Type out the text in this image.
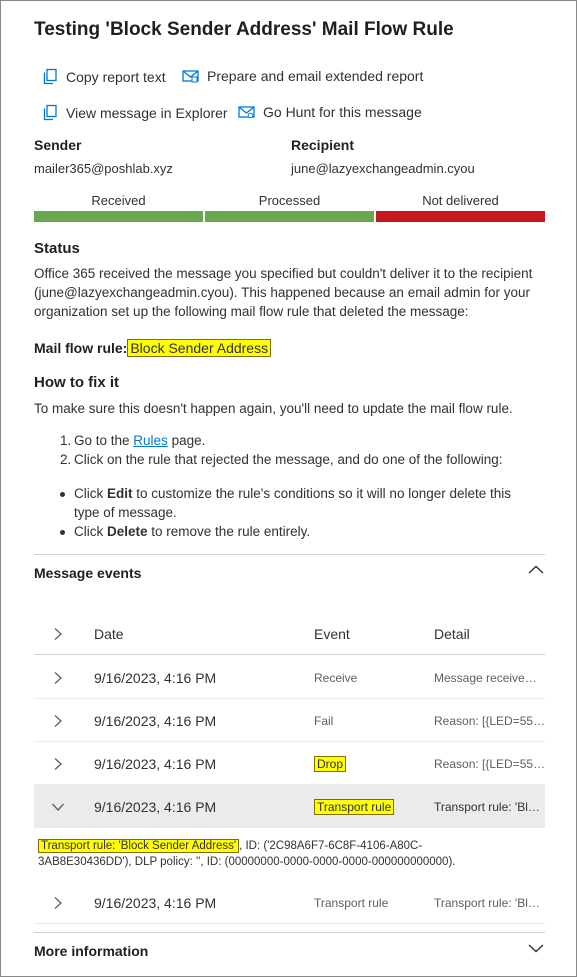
Testing 'Block Sender Address' Mail Flow Rule
Copy report text	Prepare and email extended report
View message in Explorer	Go Hunt for this message
Sender
mailer365@poshlab.xyz
Recipient
june@lazyexchangeadmin.cyou
Received	Processed	Not delivered
Status
Office 365 received the message you specified but couldn't deliver it to the recipient (june@lazyexchangeadmin.cyou). This happened because an email admin for your organization set up the following mail flow rule that deleted the message:
Mail flow rule: Block Sender Address
How to fix it
To make sure this doesn't happen again, you'll need to update the mail flow rule.
1. Go to the Rules page.
2. Click on the rule that rejected the message, and do one of the following:
Click Edit to customize the rule's conditions so it will no longer delete this
type of message.
Click Delete to remove the rule entirely.
Message events
Date	Event	Detail
9/16/2023, 4:16 PM	Receive	Message receive…
9/16/2023, 4:16 PM	Fail	Reason: [{LED=55…
9/16/2023, 4:16 PM	Drop	Reason: [{LED=55…
9/16/2023, 4:16 PM	Transport rule	Transport rule: 'Bl…
9/16/2023, 4:16 PM	Transport rule	Transport rule: 'Bl…
More information
Transport rule: 'Block Sender Address' , ID: ('2C98A6F7-6C8F-4106-A80C-3AB8E30436DD'), DLP policy: '', ID: (00000000-0000-0000-0000-000000000000).
